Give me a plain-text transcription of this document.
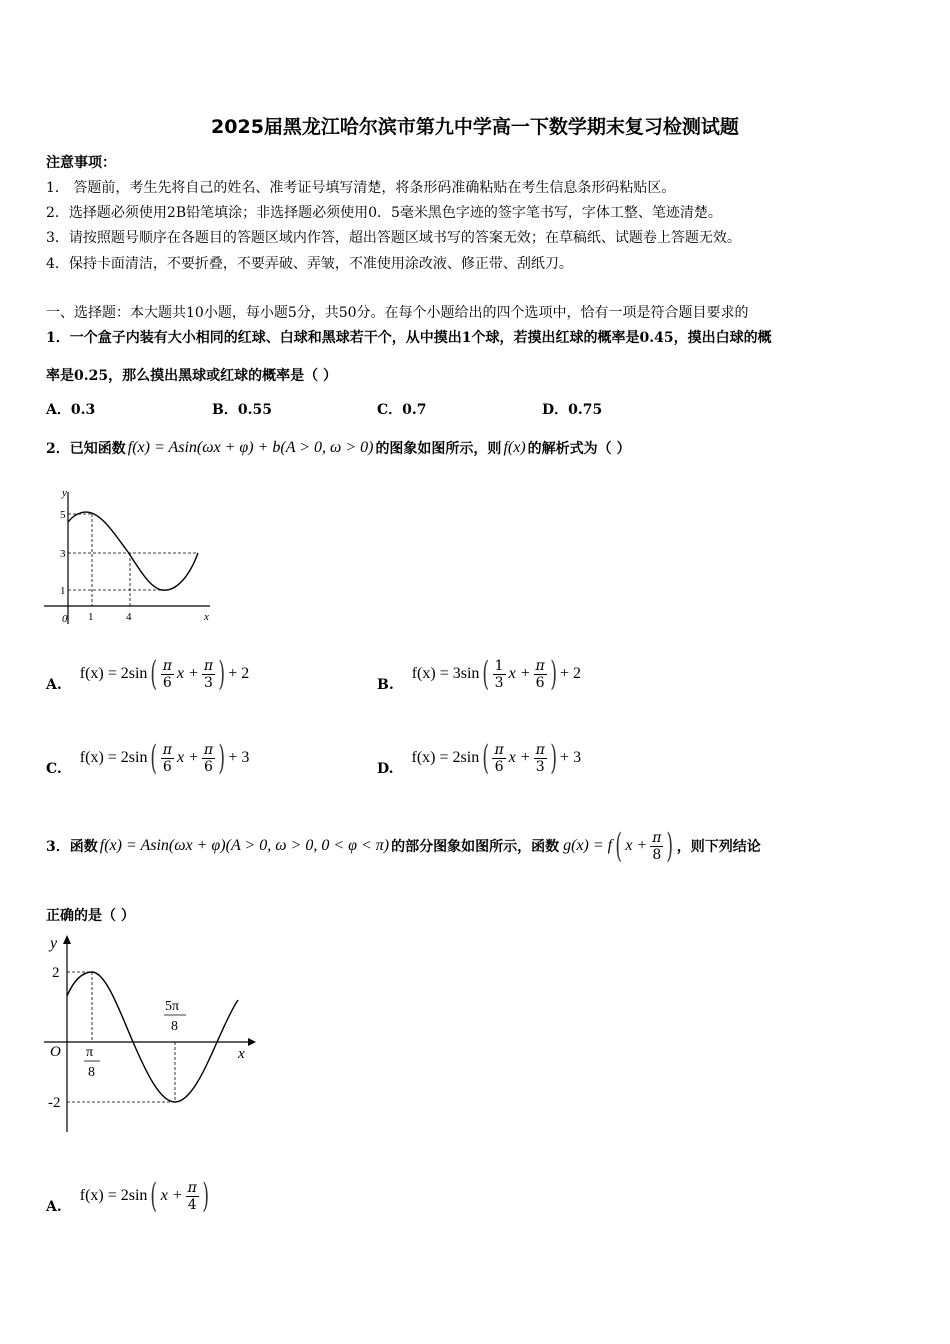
2025届黑龙江哈尔滨市第九中学高一下数学期末复习检测试题
注意事项：
1． 答题前，考生先将自己的姓名、准考证号填写清楚，将条形码准确粘贴在考生信息条形码粘贴区。
2．选择题必须使用2B铅笔填涂；非选择题必须使用0．5毫米黑色字迹的签字笔书写，字体工整、笔迹清楚。
3．请按照题号顺序在各题目的答题区域内作答，超出答题区域书写的答案无效；在草稿纸、试题卷上答题无效。
4．保持卡面清洁，不要折叠，不要弄破、弄皱，不准使用涂改液、修正带、刮纸刀。
一、选择题：本大题共10小题，每小题5分，共50分。在每个小题给出的四个选项中，恰有一项是符合题目要求的
1．一个盒子内装有大小相同的红球、白球和黑球若干个，从中摸出1个球，若摸出红球的概率是0.45，摸出白球的概
率是0.25，那么摸出黑球或红球的概率是（ ）
A．0.3	B．0.55	C．0.7	D．0.75
2．已知函数 f(x) = Asin(ωx + φ) + b(A > 0, ω > 0) 的图象如图所示，则 f(x) 的解析式为（ ）
y
x
0
5
3
1
1	4
A.
f(x) = 2sin ( $\frac{\pi}{6}$ $x + \frac{\pi}{3}$ ) + 2
B.
f(x) = 3sin ( $\frac{1}{3}$ $x + \frac{\pi}{6}$ ) + 2
C.
f(x) = 2sin ( $\frac{\pi}{6}$ $x + \frac{\pi}{6}$ ) + 3
D.
f(x) = 2sin ( $\frac{\pi}{6}$ $x + \frac{\pi}{3}$ ) + 3
3．函数 f(x) = Asin(ωx + φ)(A > 0, ω > 0, 0 < φ < π) 的部分图象如图所示，函数 g(x) = f ( $x + \frac{\pi}{8}$ ) ，则下列结论
正确的是（ ）
y
x
O
2
-2
π
8
5π
8
A.
f(x) = 2sin ( $x + \frac{\pi}{4}$ )
